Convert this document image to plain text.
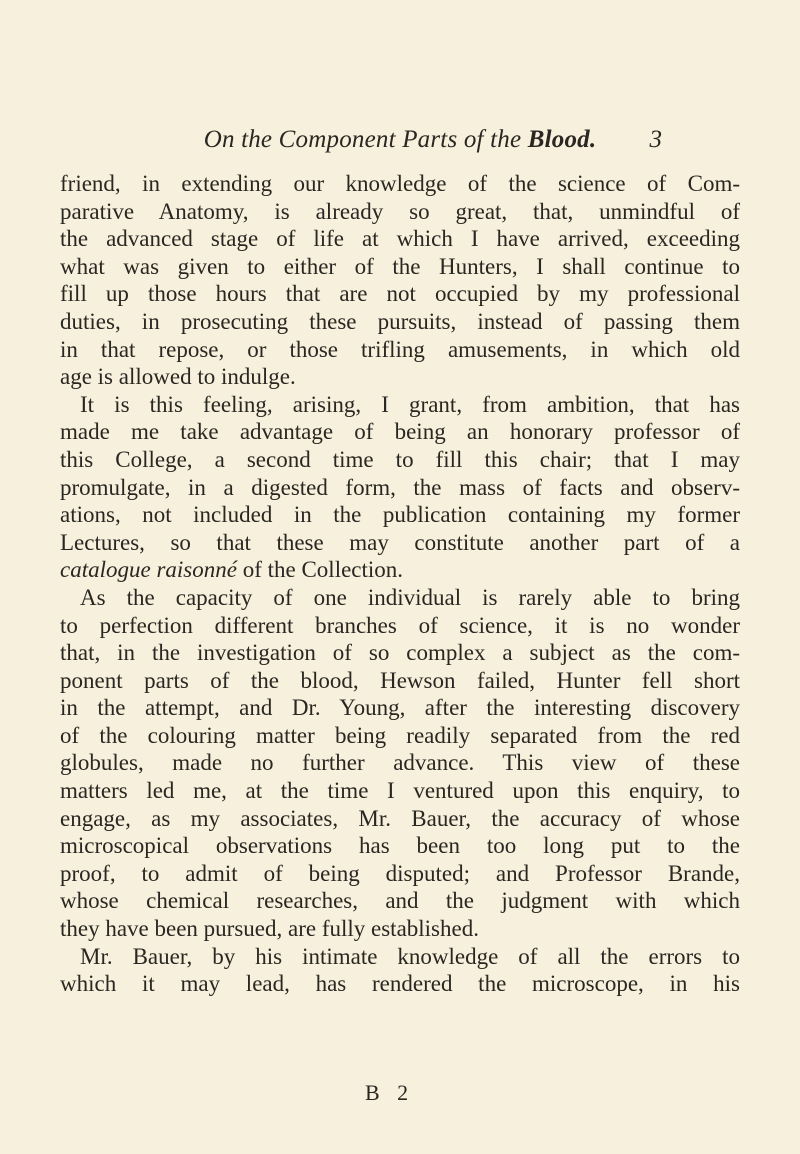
On the Component Parts of the Blood.	3
friend, in extending our knowledge of the science of Com-
parative Anatomy, is already so great, that, unmindful of
the advanced stage of life at which I have arrived, exceeding
what was given to either of the Hunters, I shall continue to
fill up those hours that are not occupied by my professional
duties, in prosecuting these pursuits, instead of passing them
in that repose, or those trifling amusements, in which old
age is allowed to indulge.
It is this feeling, arising, I grant, from ambition, that has
made me take advantage of being an honorary professor of
this College, a second time to fill this chair; that I may
promulgate, in a digested form, the mass of facts and observ-
ations, not included in the publication containing my former
Lectures, so that these may constitute another part of a
catalogue raisonné of the Collection.
As the capacity of one individual is rarely able to bring
to perfection different branches of science, it is no wonder
that, in the investigation of so complex a subject as the com-
ponent parts of the blood, Hewson failed, Hunter fell short
in the attempt, and Dr. Young, after the interesting discovery
of the colouring matter being readily separated from the red
globules, made no further advance. This view of these
matters led me, at the time I ventured upon this enquiry, to
engage, as my associates, Mr. Bauer, the accuracy of whose
microscopical observations has been too long put to the
proof, to admit of being disputed; and Professor Brande,
whose chemical researches, and the judgment with which
they have been pursued, are fully established.
Mr. Bauer, by his intimate knowledge of all the errors to
which it may lead, has rendered the microscope, in his
B 2
